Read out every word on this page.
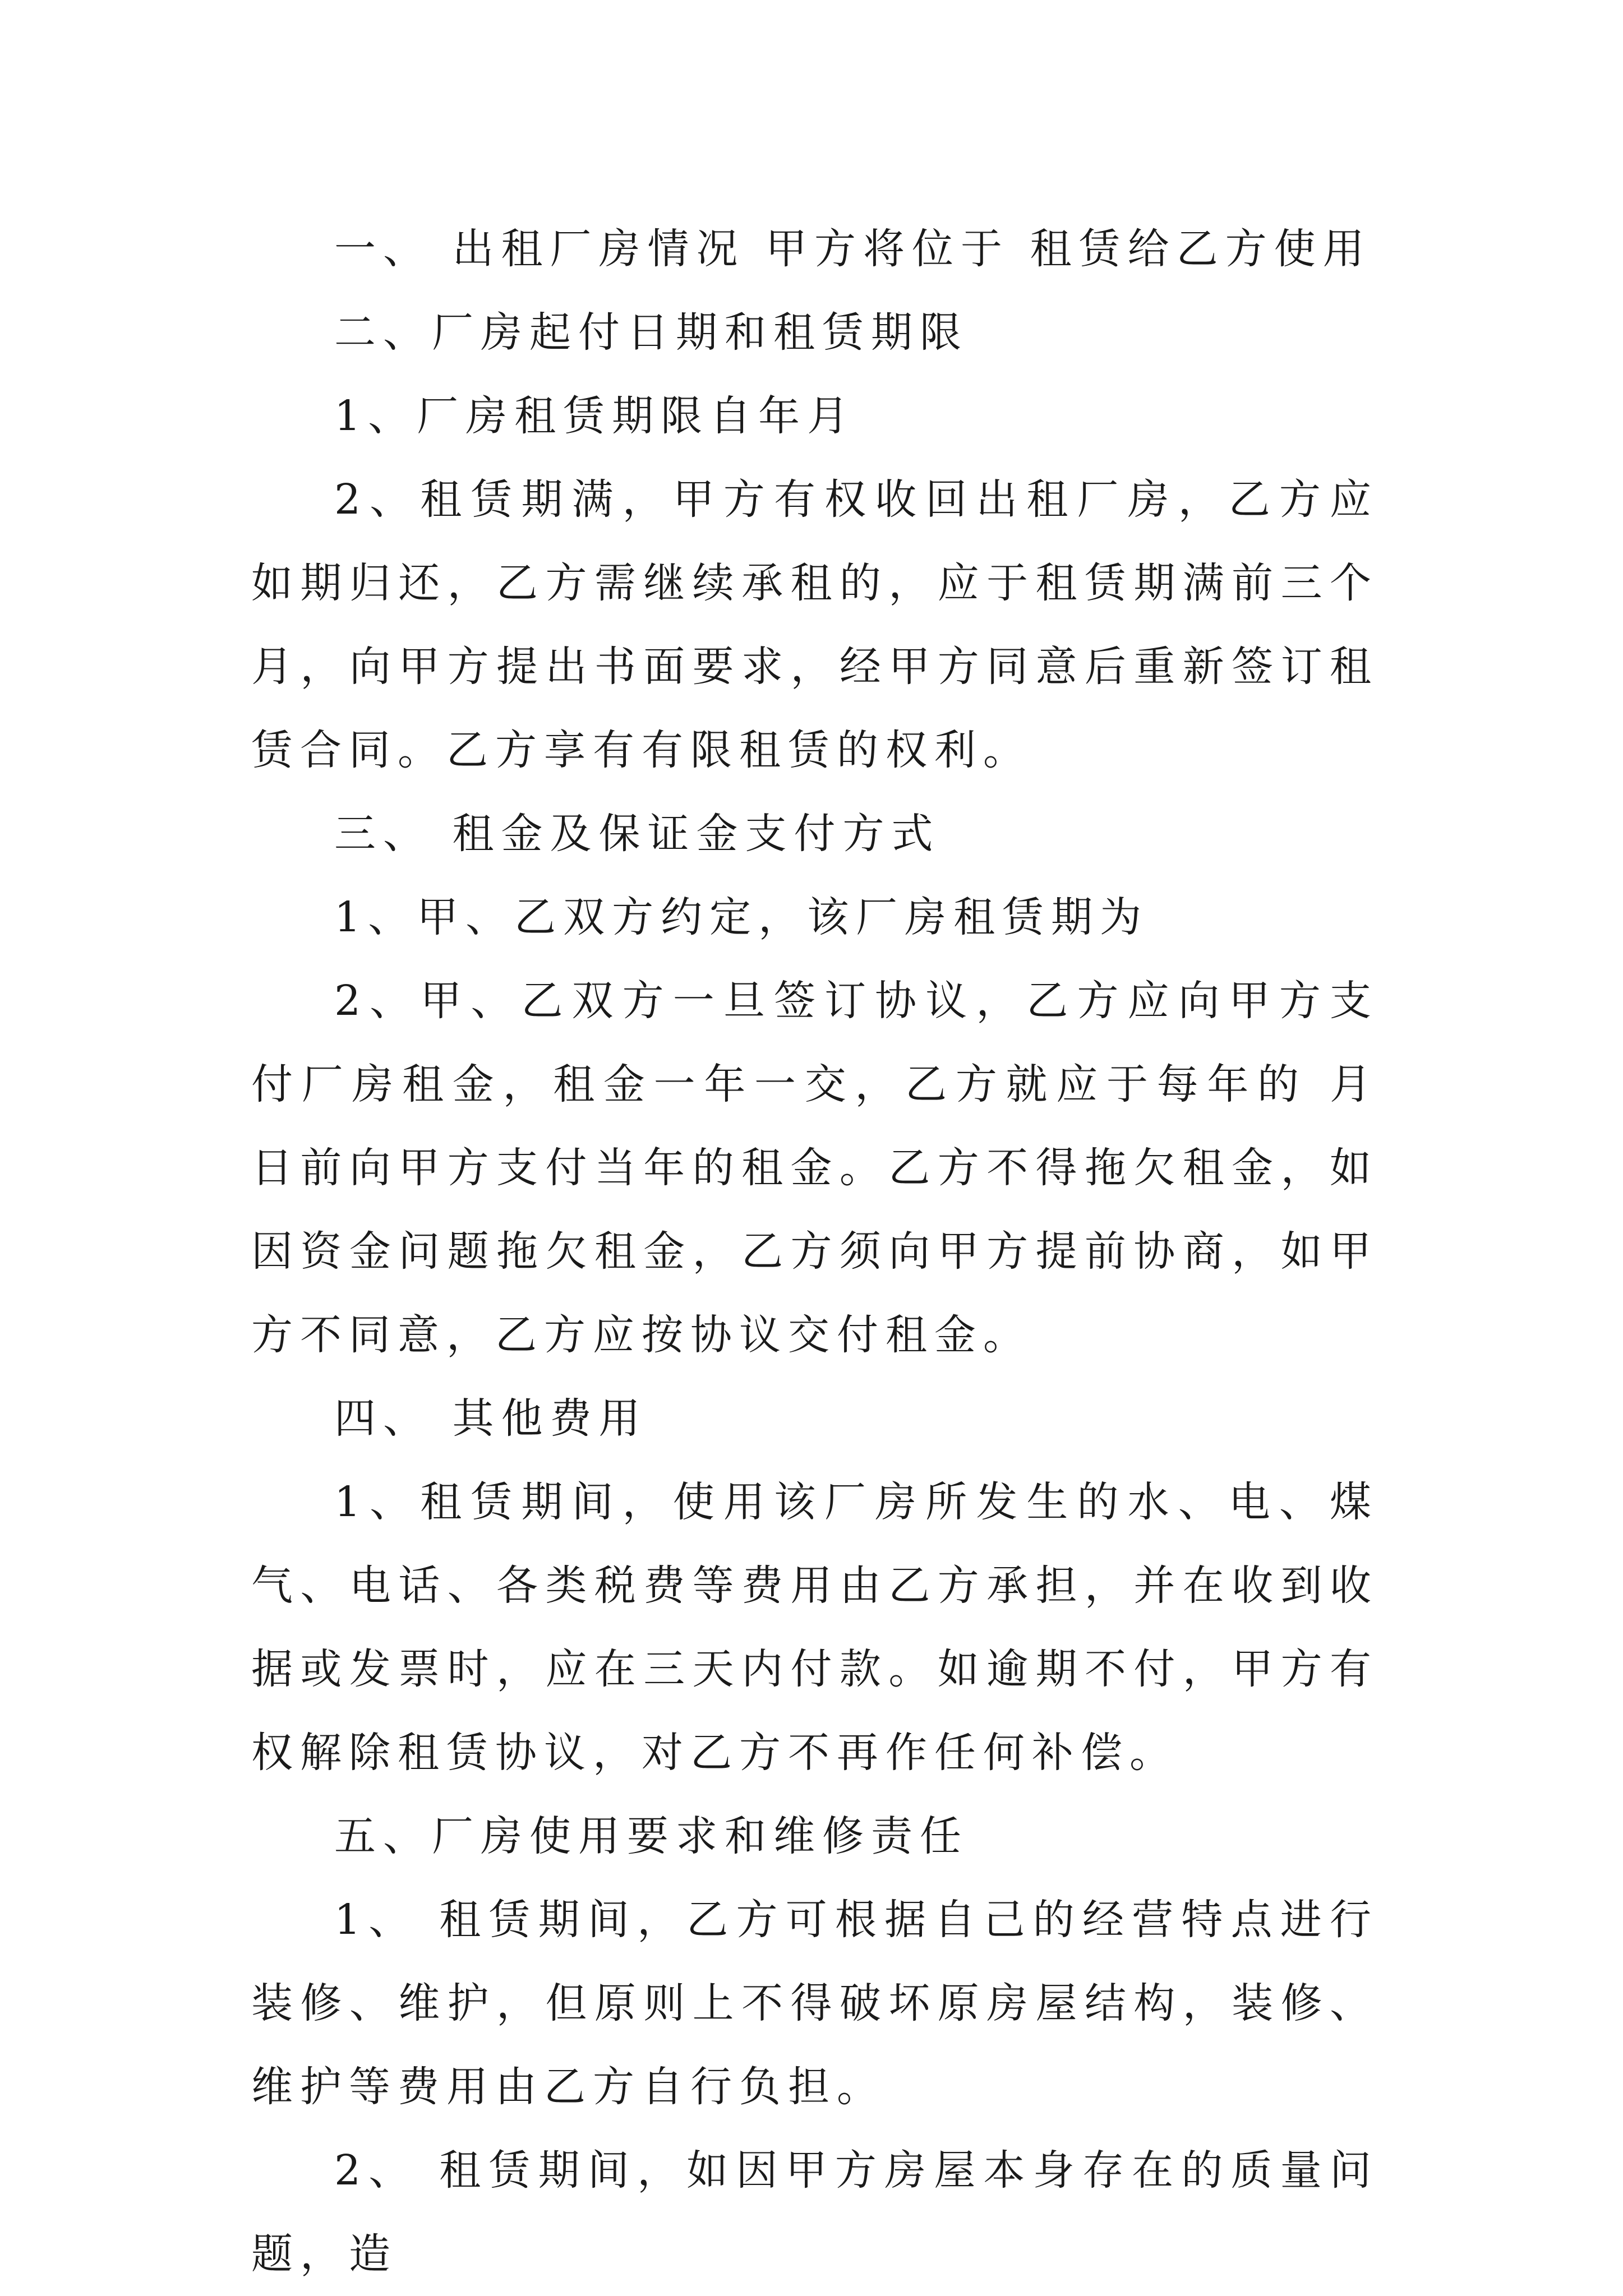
一、 出租厂房情况 甲方将位于 租赁给乙方使用

二、厂房起付日期和租赁期限

1、厂房租赁期限自年月

2、租赁期满，甲方有权收回出租厂房，乙方应如期归还，乙方需继续承租的，应于租赁期满前三个月，向甲方提出书面要求，经甲方同意后重新签订租赁合同。乙方享有有限租赁的权利。

三、 租金及保证金支付方式

1、甲、乙双方约定，该厂房租赁期为

2、甲、乙双方一旦签订协议，乙方应向甲方支付厂房租金，租金一年一交，乙方就应于每年的 月 日前向甲方支付当年的租金。乙方不得拖欠租金，如因资金问题拖欠租金，乙方须向甲方提前协商，如甲方不同意，乙方应按协议交付租金。

四、 其他费用

1、租赁期间，使用该厂房所发生的水、电、煤气、电话、各类税费等费用由乙方承担，并在收到收据或发票时，应在三天内付款。如逾期不付，甲方有权解除租赁协议，对乙方不再作任何补偿。

五、厂房使用要求和维修责任

1、 租赁期间，乙方可根据自己的经营特点进行装修、维护，但原则上不得破坏原房屋结构，装修、维护等费用由乙方自行负担。

2、 租赁期间，如因甲方房屋本身存在的质量问题，造
